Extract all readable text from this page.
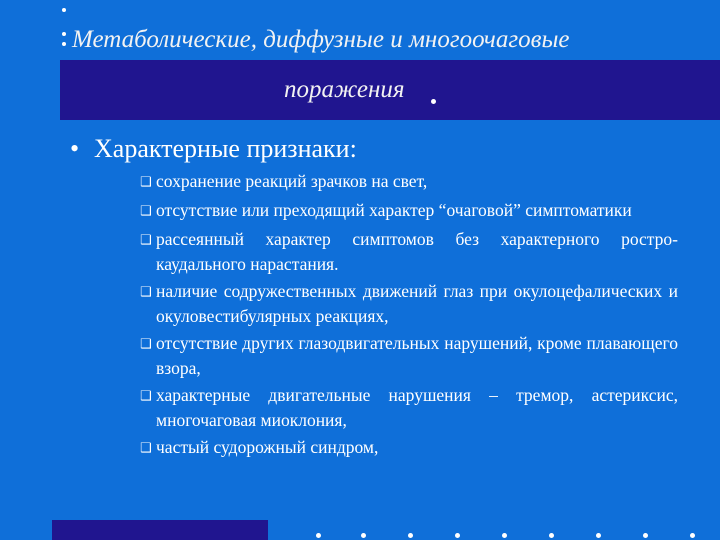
Метаболические, диффузные и многоочаговые
поражения
• Характерные признаки:
❑ сохранение реакций зрачков на свет,
❑ отсутствие или преходящий характер “очаговой” симптоматики
❑ рассеянный характер симптомов без характерного ростро-каудального нарастания.
❑ наличие содружественных движений глаз при окулоцефалических и окуловестибулярных реакциях,
❑ отсутствие других глазодвигательных нарушений, кроме плавающего взора,
❑ характерные двигательные нарушения – тремор, астериксис, многочаговая миоклония,
❑ частый судорожный синдром,
